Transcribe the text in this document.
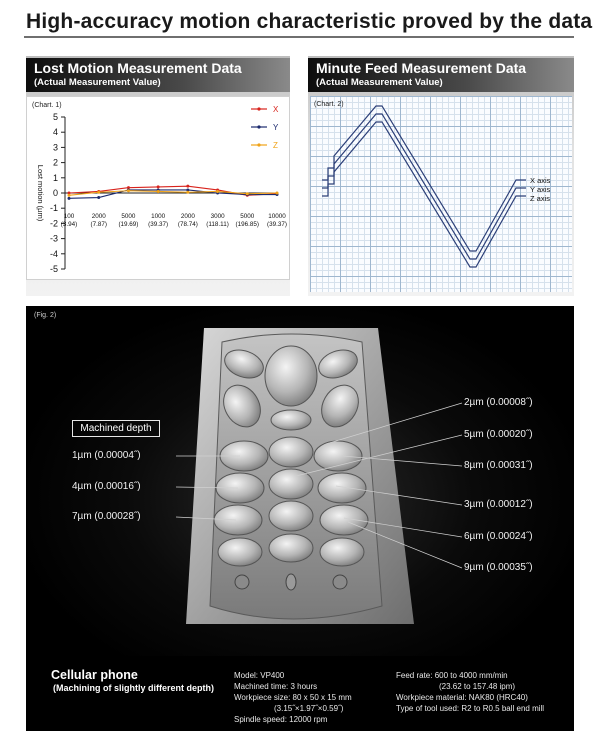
High-accuracy motion characteristic proved by the data
Lost Motion Measurement Data
(Actual Measurement Value)
5
4
3
2
1
0
-1
-2
-3
-4
-5
Lost motion (µm)	100
(3.94)
2000
(7.87)
5000
(19.69)
1000
(39.37)
2000
(78.74)
3000
(118.11)
5000
(196.85)
10000
(39.37)
X
Y
Z
(Chart. 1)
Minute Feed Measurement Data
(Actual Measurement Value)
X axis
Y axis
Z axis
(Chart. 2)
(Fig. 2)
Machined depth
1µm (0.00004˝)
4µm (0.00016˝)
7µm (0.00028˝)
2µm (0.00008˝)
5µm (0.00020˝)
8µm (0.00031˝)
3µm (0.00012˝)
6µm (0.00024˝)
9µm (0.00035˝)
Cellular phone
(Machining of slightly different depth)
Model: VP400
Machined time: 3 hours
Workpiece size: 80 x 50 x 15 mm
(3.15˝×1.97˝×0.59˝)
Spindle speed: 12000 rpm
Feed rate: 600 to 4000 mm/min
(23.62 to 157.48 ipm)
Workpiece material: NAK80 (HRC40)
Type of tool used: R2 to R0.5 ball end mill
